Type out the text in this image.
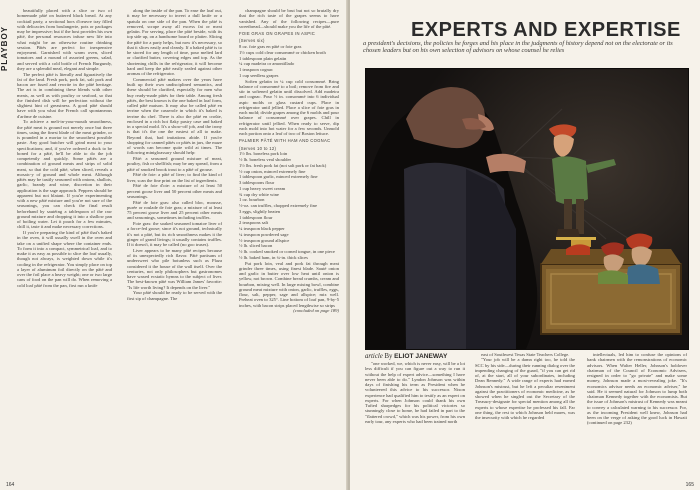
PLAYBOY

beautifully placed with a slice or two of homemade pâté on buttered black bread. At any cocktail party, a sectional hors d'oeuvre tray filled with delicacies from boulangerie, pots or packages may be impressive; but if the host provides his own pâté, the personal resources infuse new life into what might be an otherwise routine drinking session. Pâtés are perfect for inexpensive enjoyment. Garnished with warm oven, sliced tomatoes and a mound of assorted greens, salad, and served with a cold bottle of French Burgundy, they are a splendid meal, elegant and simple.

The perfect pâté is literally and figuratively the fat of the land. Fresh pork, pork fat, salt pork and bacon are fused and rewrite in the pâté heritage. The art is in combining these blends with other meats, as well as with poultry or seafood, so that the finished dish will be perfection without the slightest hint of greasiness. A good pâté should have with you what the French call spontaneous d'arôme de cuisine.

To achieve a melt-in-your-mouth smoothness, the pâté meat is ground not merely once but three times, using the finest blade of the meat grinder, or is pounded in a mortar to the smoothest possible paste. Any good butcher will grind meat to your specifications; and, if you've ordered a duck to be boned for a pâté, he'll be able to do the job competently and quickly. Some pâtés are a combination of ground meats and strips of solid meat, so that the cold pâté, when sliced, reveals a mosaic-y of ground and whole meat. Although pâtés may be tastily seasoned with onions, shallots, garlic, brandy and wine, discretion in their application is the sage approach. Peppers should be apparent but not blatant. If you're experimenting with a new pâté mixture and you're not sure of the seasonings, you can check the final result beforehand by sautéing a tablespoon of the raw ground mixture and dropping it into a shallow pan of boiling water. Let it poach for a few minutes, chill it, taste it and make necessary corrections.

If you're preparing the kind of pâté that's baked in the oven, it will usually swell in the oven and take on a unified shape where the container ends. To form it into a compact, symmetrical loaf, and to make it as easy as possible to slice the loaf usually, though not always, is weighted down while it's cooling in the refrigerator. You simply place on top a layer of aluminum foil directly on the pâté and over the foil place a heavy weight; one or two large cans of food on the pan will do. When removing a cold loaf pâté from the pan, first run a knife

along the inside of the pan. To ease the loaf out, it may be necessary to invert a dull knife or a spatula on one side of the pan. When the pâté is removed, scrape away all excess fat or meat gelatin. For serving, place the pâté beside, with its top side up, on a handsome board or platter. Slicing the pâté for a party helps, but now it's necessary, so that it slices easily and cleanly. If a baked pâté is to be stored for any length of time, pour melted lard or clarified butter, covering edges and top. As the shortening chills in the refrigerator, it will become hard and keep the pâté easily sealed against other aromas of the refrigerator.

Commercial pâté makers over the years have built up their own undisciplined semantics, and these should be clarified, especially for men who buy ready-made pâtés for their table. Among fresh pâtés, the best known is the one baked in loaf form, called pâté maison. It may also be called pâté en terrine when the casserole in which it's baked is terrine du chef. There is also the pâté en croûte, enclosed in a rich hot flaky pastry case and baked in a special mold. It's a show-off job, and the irony is that it's the one the easiest of all to make. Beyond that, bad imitations abide. If you're shopping for canned pâtés or pâtés in jars, the maze of words can become quite wild at times. The following minigloassary should help:

Pâté: a seasoned ground mixture of meat, poultry, fish or shellfish; may be any spread, from a pâté of smoked brook trout to a pâté of grouse.

Pâté de foie: a pâté of liver; to find the kind of liver, scan the fine print on the list of ingredients.

Pâté de foie d'oie: a mixture of at least 50 percent goose liver and 50 percent other meats and seasonings.

Pâté de foie gras: also called bloc, mousse, purée or roulade de foie gras; a mixture of at least 75 percent goose liver and 25 percent other meats and seasonings, sometimes including truffles.

Foie gras: the soaked seasoned tomatoe liver of a force-fed goose; since it's not ground, technically it's not a pâté, but its rich smoothness makes it the ginger of grand livings; it usually contains truffles. If it doesn't, it may be called (no goo truses).

Liver appears to be many pâté recipes because of its unexpectedly rich flavor. Pâté partisans of undersweet who pile boiunless such as Plaza considered it the house of the wall itself. Over the centuries, not only philosophers but gastronomes have waxed ecstatic hymns to the subject of liver. The best-known pâté was William James' favorite: "Is life worth living? It depends on the liver."

Your pâté should be ready to be served with the first sip of champagne. The

champagne should be brut but not so brutally dry that the rich taste of the grapes seems to have vanished. Any of the following recipes—pure sweetbread—should make you the life of the pâté.

FOIE GRAS ON GRAPES IN ASPIC

(Serves six)

8 oz. foie gras en pâté or foie gras

1½ cups cold clear consommé or chicken broth

1 tablespoon plain gelatin

¼ cup madeira or amontillado

1 teaspoon cognac

1 cup seedless grapes

Soften gelatin in ¼ cup cold consommé. Bring balance of consommé to a boil; remove from fire and stir in softened gelatin until dissolved. Add madeira and cognac. Pour ½ in. consommé into 6 individual aspic molds or glass custard cups. Place in refrigerator until jellied. Place a slice of foie gras in each mold; divide grapes among the 6 molds and pour balance of consommé over grapes. Chill in refrigerator until jellied. When ready to serve, dip each mold into hot water for a few seconds. Unmold each portion onto a leaf of two of Boston lettuce.

PALMIER PÂTÉ WITH HAM AND COGNAC

(Serves 10 to 12)

1½ lbs. boneless pork loin

½ lb. boneless veal shoulder

1½ lbs. fresh pork fat (not salt pork or fat back)

½ cup onion, minced extremely fine

1 tablespoon garlic, minced extremely fine

3 tablespoons flour

1 cup heavy sweet cream

¾ cup dry white wine

1 oz. bourbon

½-oz. can truffles, chopped extremely fine

3 eggs, slightly beaten

1 tablespoon flour

2 teaspoons salt

¼ teaspoon black pepper

¼ teaspoon powdered sage

½ teaspoon ground allspice

½ lb. sliced bacon

½ lb. cooked smoked or corned tongue, in one piece

½ lb. baked ham, in ¼-in. thick slices

Put pork loin, veal and pork fat through meat grinder three times, using finest blade. Sauté onion and garlic in butter over low heat until onion is yellow, not brown. Combine bread crumbs, cream and bourbon, mixing well. In large mixing bowl, combine ground meat mixture with onion, garlic, truffles, eggs, flour, salt, pepper, sage and allspice; mix well. Preheat oven to 325°. Line bottom of loaf pan, 9-by-5 inches, with bacon strips placed lengthwise so strips

(concluded on page 189)

164	165
EXPERTS AND EXPERTISE
a president's decisions, the policies he forges and his place in the judgments of history depend not on the electorate or its chosen leaders but on his own selection of advisors on whose counsel he relies

article By ELIOT JANEWAY

"one worked, we, which is never easy, will be a lot less difficult if you can figure out a way to run it without the help of expert advice—something I have never been able to do." Lyndon Johnson was within days of finishing his term as President when he volunteered this advice to his successor. Nixon experience had qualified him to testify as an expert on experts. For when Johnson could thank his own Tufted sharpedges for his political victories so stunningly close to home, he had failed in part to the "flattered crowd," which was his power, from his own early tour, any experts who had been trained north

east of Southwest Texas State Teachers College.

"Your job will be a damn right too, he told the SCC by his side—during their running dialog over the impending changing of the guard, "if you can get rid of, at the start, all of your subordinates, including Dean Rennedy." A wide range of experts had earned Johnson's mistrust, but he left a peculiar resentment against the practitioners of economic medicine, as he showed when he singled out the Secretary of the Treasury-designate for special mention among all the experts to whose expertise he professed his fall. Far one thing, the rest to which Johnson held mares, was the insecurity with which he regarded

intellectuals, led him to confuse the opinions of bank chairmen with the remonstrations of economic advisors. When Walter Heller, Johnson's holdover chairman of the Council of Economic Advisers, resigned in order to "go private" and make some money, Johnson made a most-revealing joke. "It's economics advisor needs an economic adviser," he said. He it seemed natural for Johnson to lump both chairman Kennedy together with the economists. But the issue of Johnson's mistrust of Kennedy was meant to convey a calculated warning to his successor. For, as the incoming President well knew, Johnson had been on the verge of asking the good luck in Hawaii (continued on page 232)
